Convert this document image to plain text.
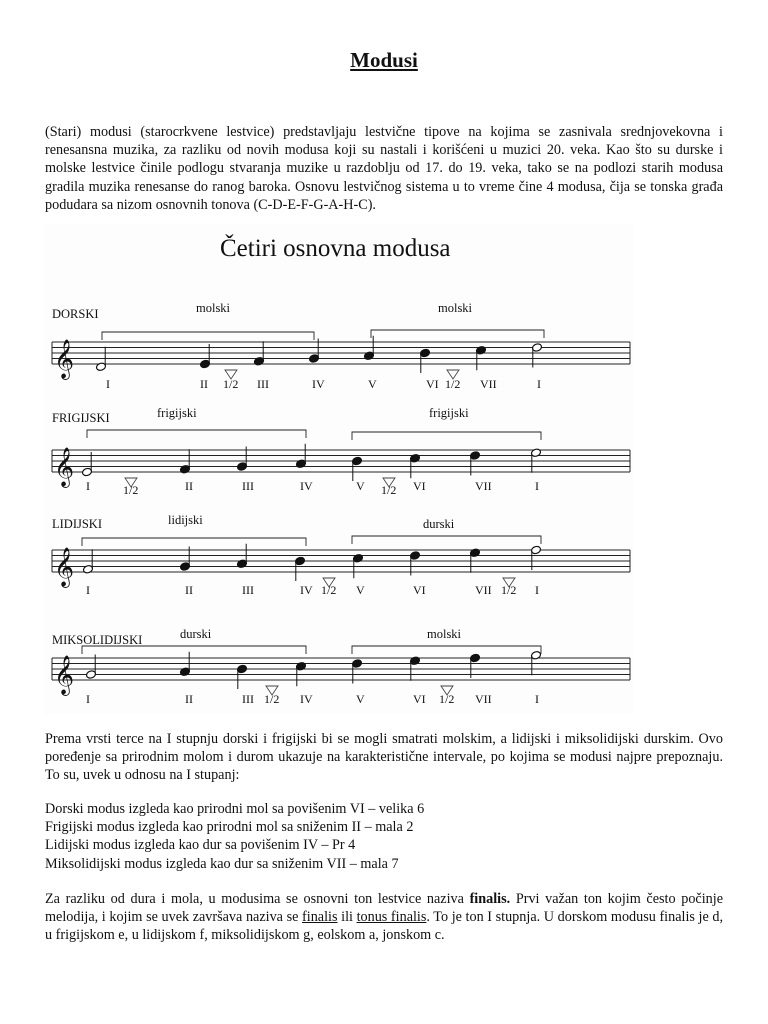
Modusi

(Stari) modusi (starocrkvene lestvice) predstavljaju lestvične tipove na kojima se zasnivala srednjovekovna i renesansna muzika, za razliku od novih modusa koji su nastali i korišćeni u muzici 20. veka. Kao što su durske i molske lestvice činile podlogu stvaranja muzike u razdoblju od 17. do 19. veka, tako se na podlozi starih modusa gradila muzika renesanse do ranog baroka. Osnovu lestvičnog sistema u to vreme čine 4 modusa, čija se tonska građa podudara sa nizom osnovnih tonova (C-D-E-F-G-A-H-C).

Četiri osnovna modusa
DORSKI
𝄞
molski	molski
1/2	1/2
I	II	III	IV	V	VI	VII	I
FRIGIJSKI
𝄞
frigijski	frigijski
1/2	1/2
I	II	III	IV	V	VI	VII	I
LIDIJSKI
𝄞
lidijski	durski
1/2	1/2
I	II	III	IV	V	VI	VII	I
MIKSOLIDIJSKI
𝄞
durski	molski
1/2	1/2
I	II	III	IV	V	VI	VII	I

Prema vrsti terce na I stupnju dorski i frigijski bi se mogli smatrati molskim, a lidijski i miksolidijski durskim. Ovo poređenje sa prirodnim molom i durom ukazuje na karakteristične intervale, po kojima se modusi najpre prepoznaju. To su, uvek u odnosu na I stupanj:

Dorski modus izgleda kao prirodni mol sa povišenim VI – velika 6
Frigijski modus izgleda kao prirodni mol sa sniženim II – mala 2
Lidijski modus izgleda kao dur sa povišenim IV – Pr 4
Miksolidijski modus izgleda kao dur sa sniženim VII – mala 7

Za razliku od dura i mola, u modusima se osnovni ton lestvice naziva finalis. Prvi važan ton kojim često počinje melodija, i kojim se uvek završava naziva se finalis ili tonus finalis. To je ton I stupnja. U dorskom modusu finalis je d, u frigijskom e, u lidijskom f, miksolidijskom g, eolskom a, jonskom c.
